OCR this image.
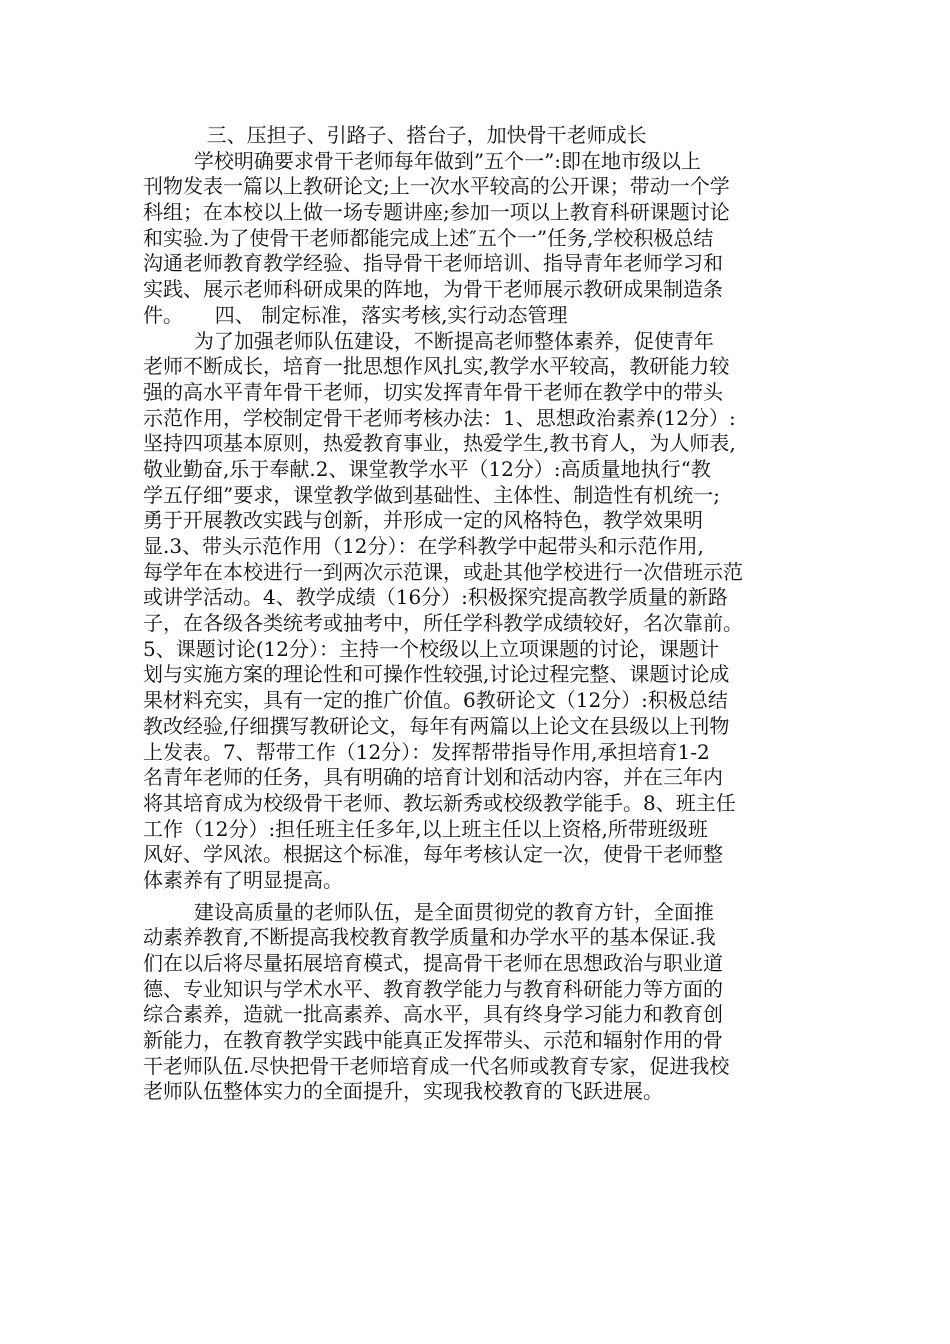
三、压担子、引路子、搭台子，加快骨干老师成长
学校明确要求骨干老师每年做到”五个一”:即在地市级以上
刊物发表一篇以上教研论文;上一次水平较高的公开课；带动一个学
科组；在本校以上做一场专题讲座;参加一项以上教育科研课题讨论
和实验.为了使骨干老师都能完成上述″五个一”任务,学校积极总结
沟通老师教育教学经验、指导骨干老师培训、指导青年老师学习和
实践、展示老师科研成果的阵地，为骨干老师展示教研成果制造条
件。     四、 制定标准，落实考核,实行动态管理
为了加强老师队伍建设，不断提高老师整体素养，促使青年
老师不断成长，培育一批思想作风扎实,教学水平较高，教研能力较
强的高水平青年骨干老师，切实发挥青年骨干老师在教学中的带头
示范作用，学校制定骨干老师考核办法：1、思想政治素养(12分）:
坚持四项基本原则，热爱教育事业，热爱学生,教书育人，为人师表,
敬业勤奋,乐于奉献.2、课堂教学水平（12分）:高质量地执行“教
学五仔细”要求，课堂教学做到基础性、主体性、制造性有机统一;
勇于开展教改实践与创新，并形成一定的风格特色，教学效果明
显.3、带头示范作用（12分）：在学科教学中起带头和示范作用,
每学年在本校进行一到两次示范课，或赴其他学校进行一次借班示范
或讲学活动。4、教学成绩（16分）:积极探究提高教学质量的新路
子，在各级各类统考或抽考中，所任学科教学成绩较好，名次靠前。
5、课题讨论(12分）：主持一个校级以上立项课题的讨论，课题计
划与实施方案的理论性和可操作性较强,讨论过程完整、课题讨论成
果材料充实，具有一定的推广价值。6教研论文（12分）:积极总结
教改经验,仔细撰写教研论文，每年有两篇以上论文在县级以上刊物
上发表。7、帮带工作（12分）：发挥帮带指导作用,承担培育1-2
名青年老师的任务，具有明确的培育计划和活动内容，并在三年内
将其培育成为校级骨干老师、教坛新秀或校级教学能手。8、班主任
工作（12分）:担任班主任多年,以上班主任以上资格,所带班级班
风好、学风浓。根据这个标准，每年考核认定一次，使骨干老师整
体素养有了明显提高。
建设高质量的老师队伍，是全面贯彻党的教育方针，全面推
动素养教育,不断提高我校教育教学质量和办学水平的基本保证.我
们在以后将尽量拓展培育模式，提高骨干老师在思想政治与职业道
德、专业知识与学术水平、教育教学能力与教育科研能力等方面的
综合素养，造就一批高素养、高水平，具有终身学习能力和教育创
新能力，在教育教学实践中能真正发挥带头、示范和辐射作用的骨
干老师队伍.尽快把骨干老师培育成一代名师或教育专家，促进我校
老师队伍整体实力的全面提升，实现我校教育的飞跃进展。
